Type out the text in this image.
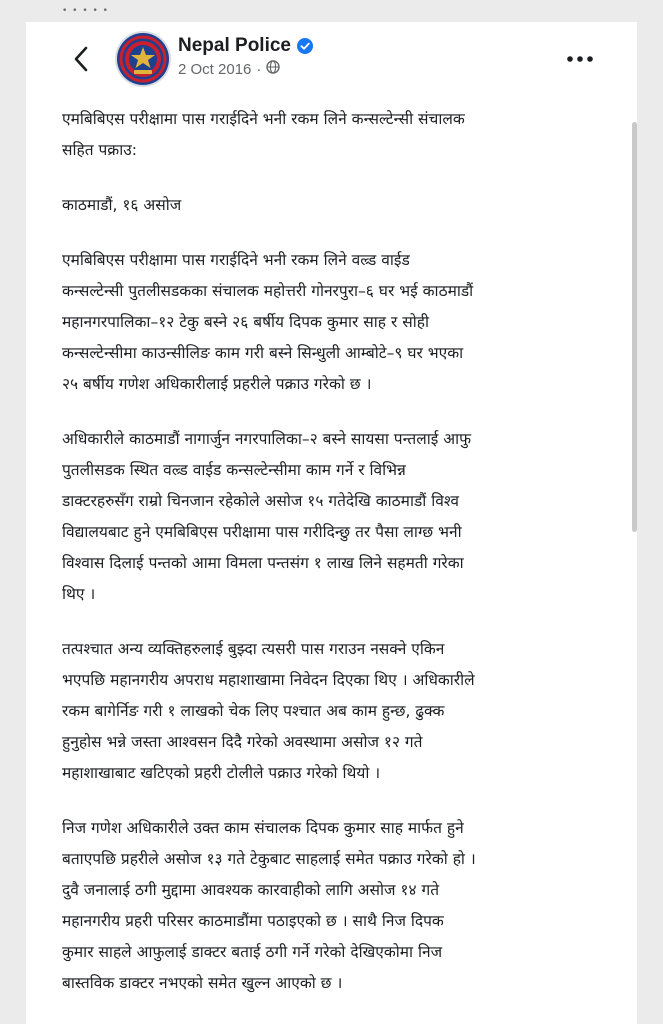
• • • • •
Nepal Police
2 Oct 2016 ·

एमबिबिएस परीक्षामा पास गराईदिने भनी रकम लिने कन्सल्टेन्सी संचालक
सहित पक्राउ:

काठमाडौं, १६ असोज

एमबिबिएस परीक्षामा पास गराईदिने भनी रकम लिने वल्र्ड वाईड
कन्सल्टेन्सी पुतलीसडकका संचालक महोत्तरी गोनरपुरा–६ घर भई काठमाडौं
महानगरपालिका–१२ टेकु बस्ने २६ बर्षीय दिपक कुमार साह र सोही
कन्सल्टेन्सीमा काउन्सीलिङ काम गरी बस्ने सिन्धुली आम्बोटे–९ घर भएका
२५ बर्षीय गणेश अधिकारीलाई प्रहरीले पक्राउ गरेको छ ।

अधिकारीले काठमाडौं नागार्जुन नगरपालिका–२ बस्ने सायसा पन्तलाई आफु
पुतलीसडक स्थित वल्र्ड वाईड कन्सल्टेन्सीमा काम गर्ने र विभिन्न
डाक्टरहरुसँग राम्रो चिनजान रहेकोले असोज १५ गतेदेखि काठमाडौं विश्व
विद्यालयबाट हुने एमबिबिएस परीक्षामा पास गरीदिन्छु तर पैसा लाग्छ भनी
विश्वास दिलाई पन्तको आमा विमला पन्तसंग १ लाख लिने सहमती गरेका
थिए ।

तत्पश्चात अन्य व्यक्तिहरुलाई बुझ्दा त्यसरी पास गराउन नसक्ने एकिन
भएपछि महानगरीय अपराध महाशाखामा निवेदन दिएका थिए । अधिकारीले
रकम बागेर्निङ गरी १ लाखको चेक लिए पश्चात अब काम हुन्छ, ढुक्क
हुनुहोस भन्ने जस्ता आश्वसन दिदै गरेको अवस्थामा असोज १२ गते
महाशाखाबाट खटिएको प्रहरी टोलीले पक्राउ गरेको थियो ।

निज गणेश अधिकारीले उक्त काम संचालक दिपक कुमार साह मार्फत हुने
बताएपछि प्रहरीले असोज १३ गते टेकुबाट साहलाई समेत पक्राउ गरेको हो ।
दुवै जनालाई ठगी मुद्दामा आवश्यक कारवाहीको लागि असोज १४ गते
महानगरीय प्रहरी परिसर काठमाडौंमा पठाइएको छ । साथै निज दिपक
कुमार साहले आफुलाई डाक्टर बताई ठगी गर्ने गरेको देखिएकोमा निज
बास्तविक डाक्टर नभएको समेत खुल्न आएको छ ।
